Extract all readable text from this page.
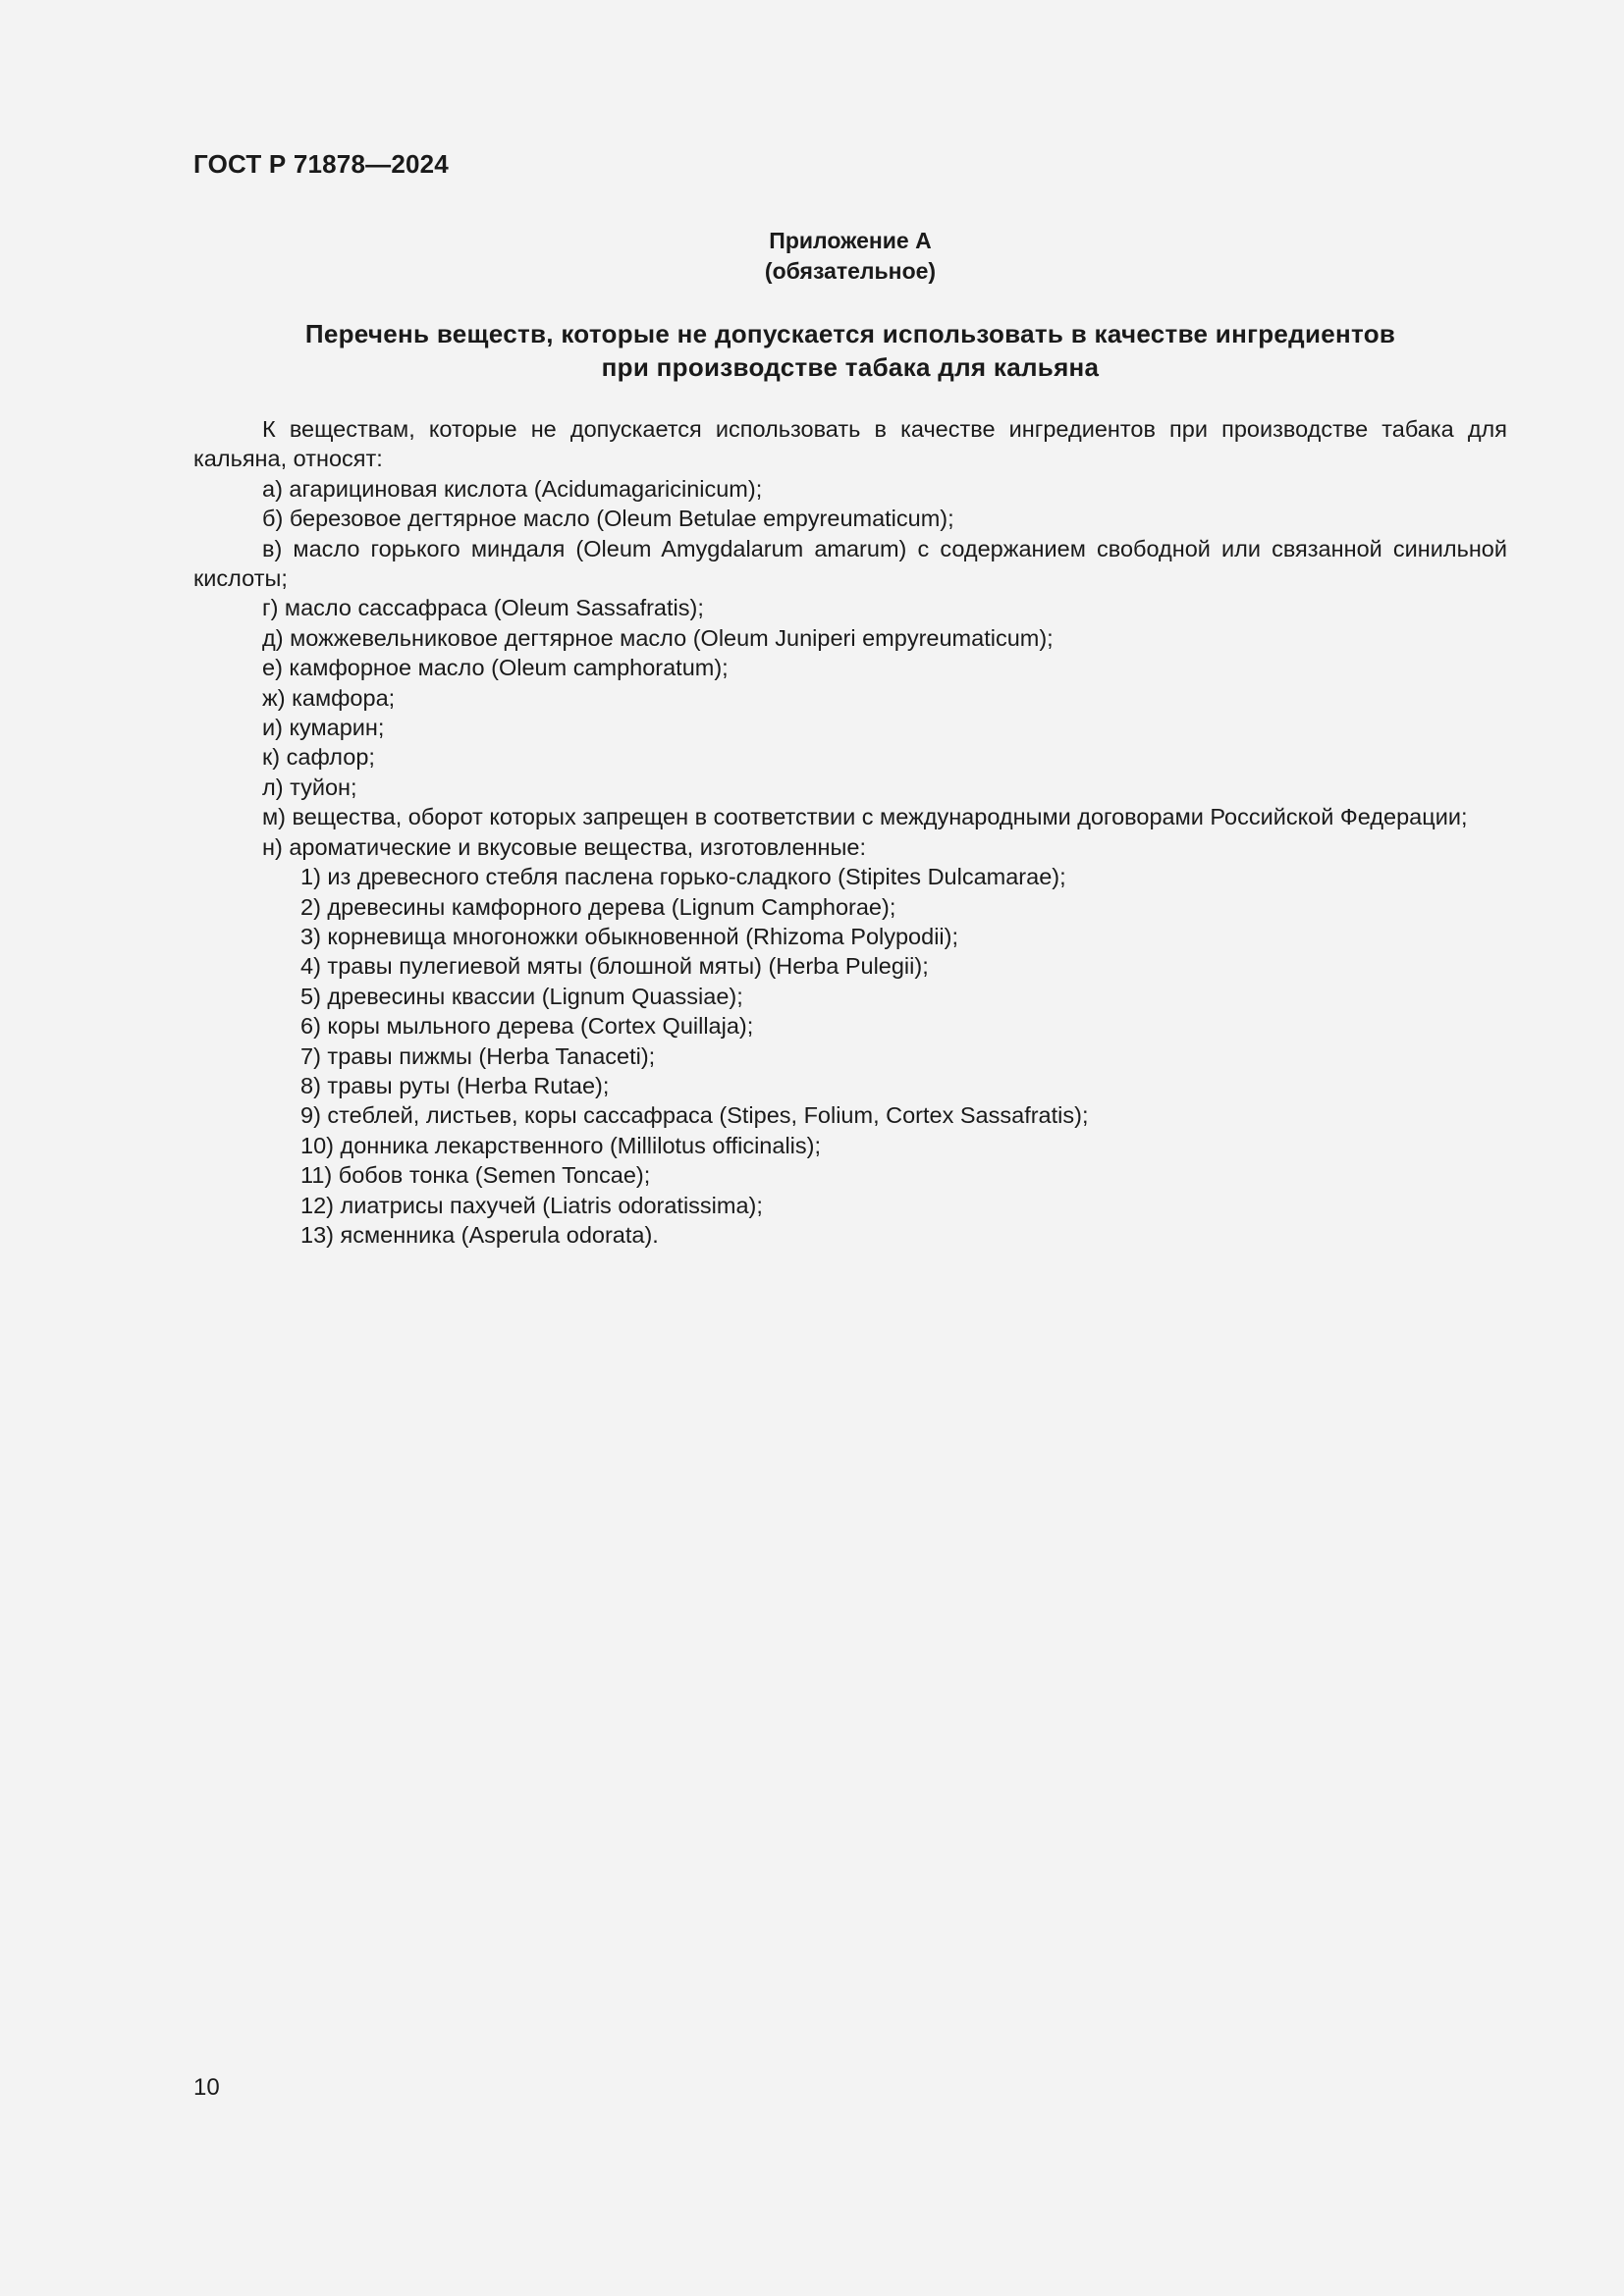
ГОСТ Р 71878—2024
Приложение А
(обязательное)
Перечень веществ, которые не допускается использовать в качестве ингредиентов
при производстве табака для кальяна

К веществам, которые не допускается использовать в качестве ингредиентов при производстве табака для кальяна, относят:

а) агарициновая кислота (Acidumagaricinicum);

б) березовое дегтярное масло (Oleum Betulae empyreumaticum);

в) масло горького миндаля (Oleum Amygdalarum amarum) с содержанием свободной или связанной синильной кислоты;

г) масло сассафраса (Oleum Sassafratis);

д) можжевельниковое дегтярное масло (Oleum Juniperi empyreumaticum);

е) камфорное масло (Oleum camphoratum);

ж) камфора;

и) кумарин;

к) сафлор;

л) туйон;

м) вещества, оборот которых запрещен в соответствии с международными договорами Российской Федерации;

н) ароматические и вкусовые вещества, изготовленные:

1) из древесного стебля паслена горько-сладкого (Stipites Dulcamarae);

2) древесины камфорного дерева (Lignum Camphorae);

3) корневища многоножки обыкновенной (Rhizoma Polypodii);

4) травы пулегиевой мяты (блошной мяты) (Herba Pulegii);

5) древесины квассии (Lignum Quassiae);

6) коры мыльного дерева (Cortex Quillaja);

7) травы пижмы (Herba Tanaceti);

8) травы руты (Herba Rutae);

9) стеблей, листьев, коры сассафраса (Stipes, Folium, Cortex Sassafratis);

10) донника лекарственного (Millilotus officinalis);

11) бобов тонка (Semen Toncae);

12) лиатрисы пахучей (Liatris odoratissima);

13) ясменника (Asperula odorata).

10
